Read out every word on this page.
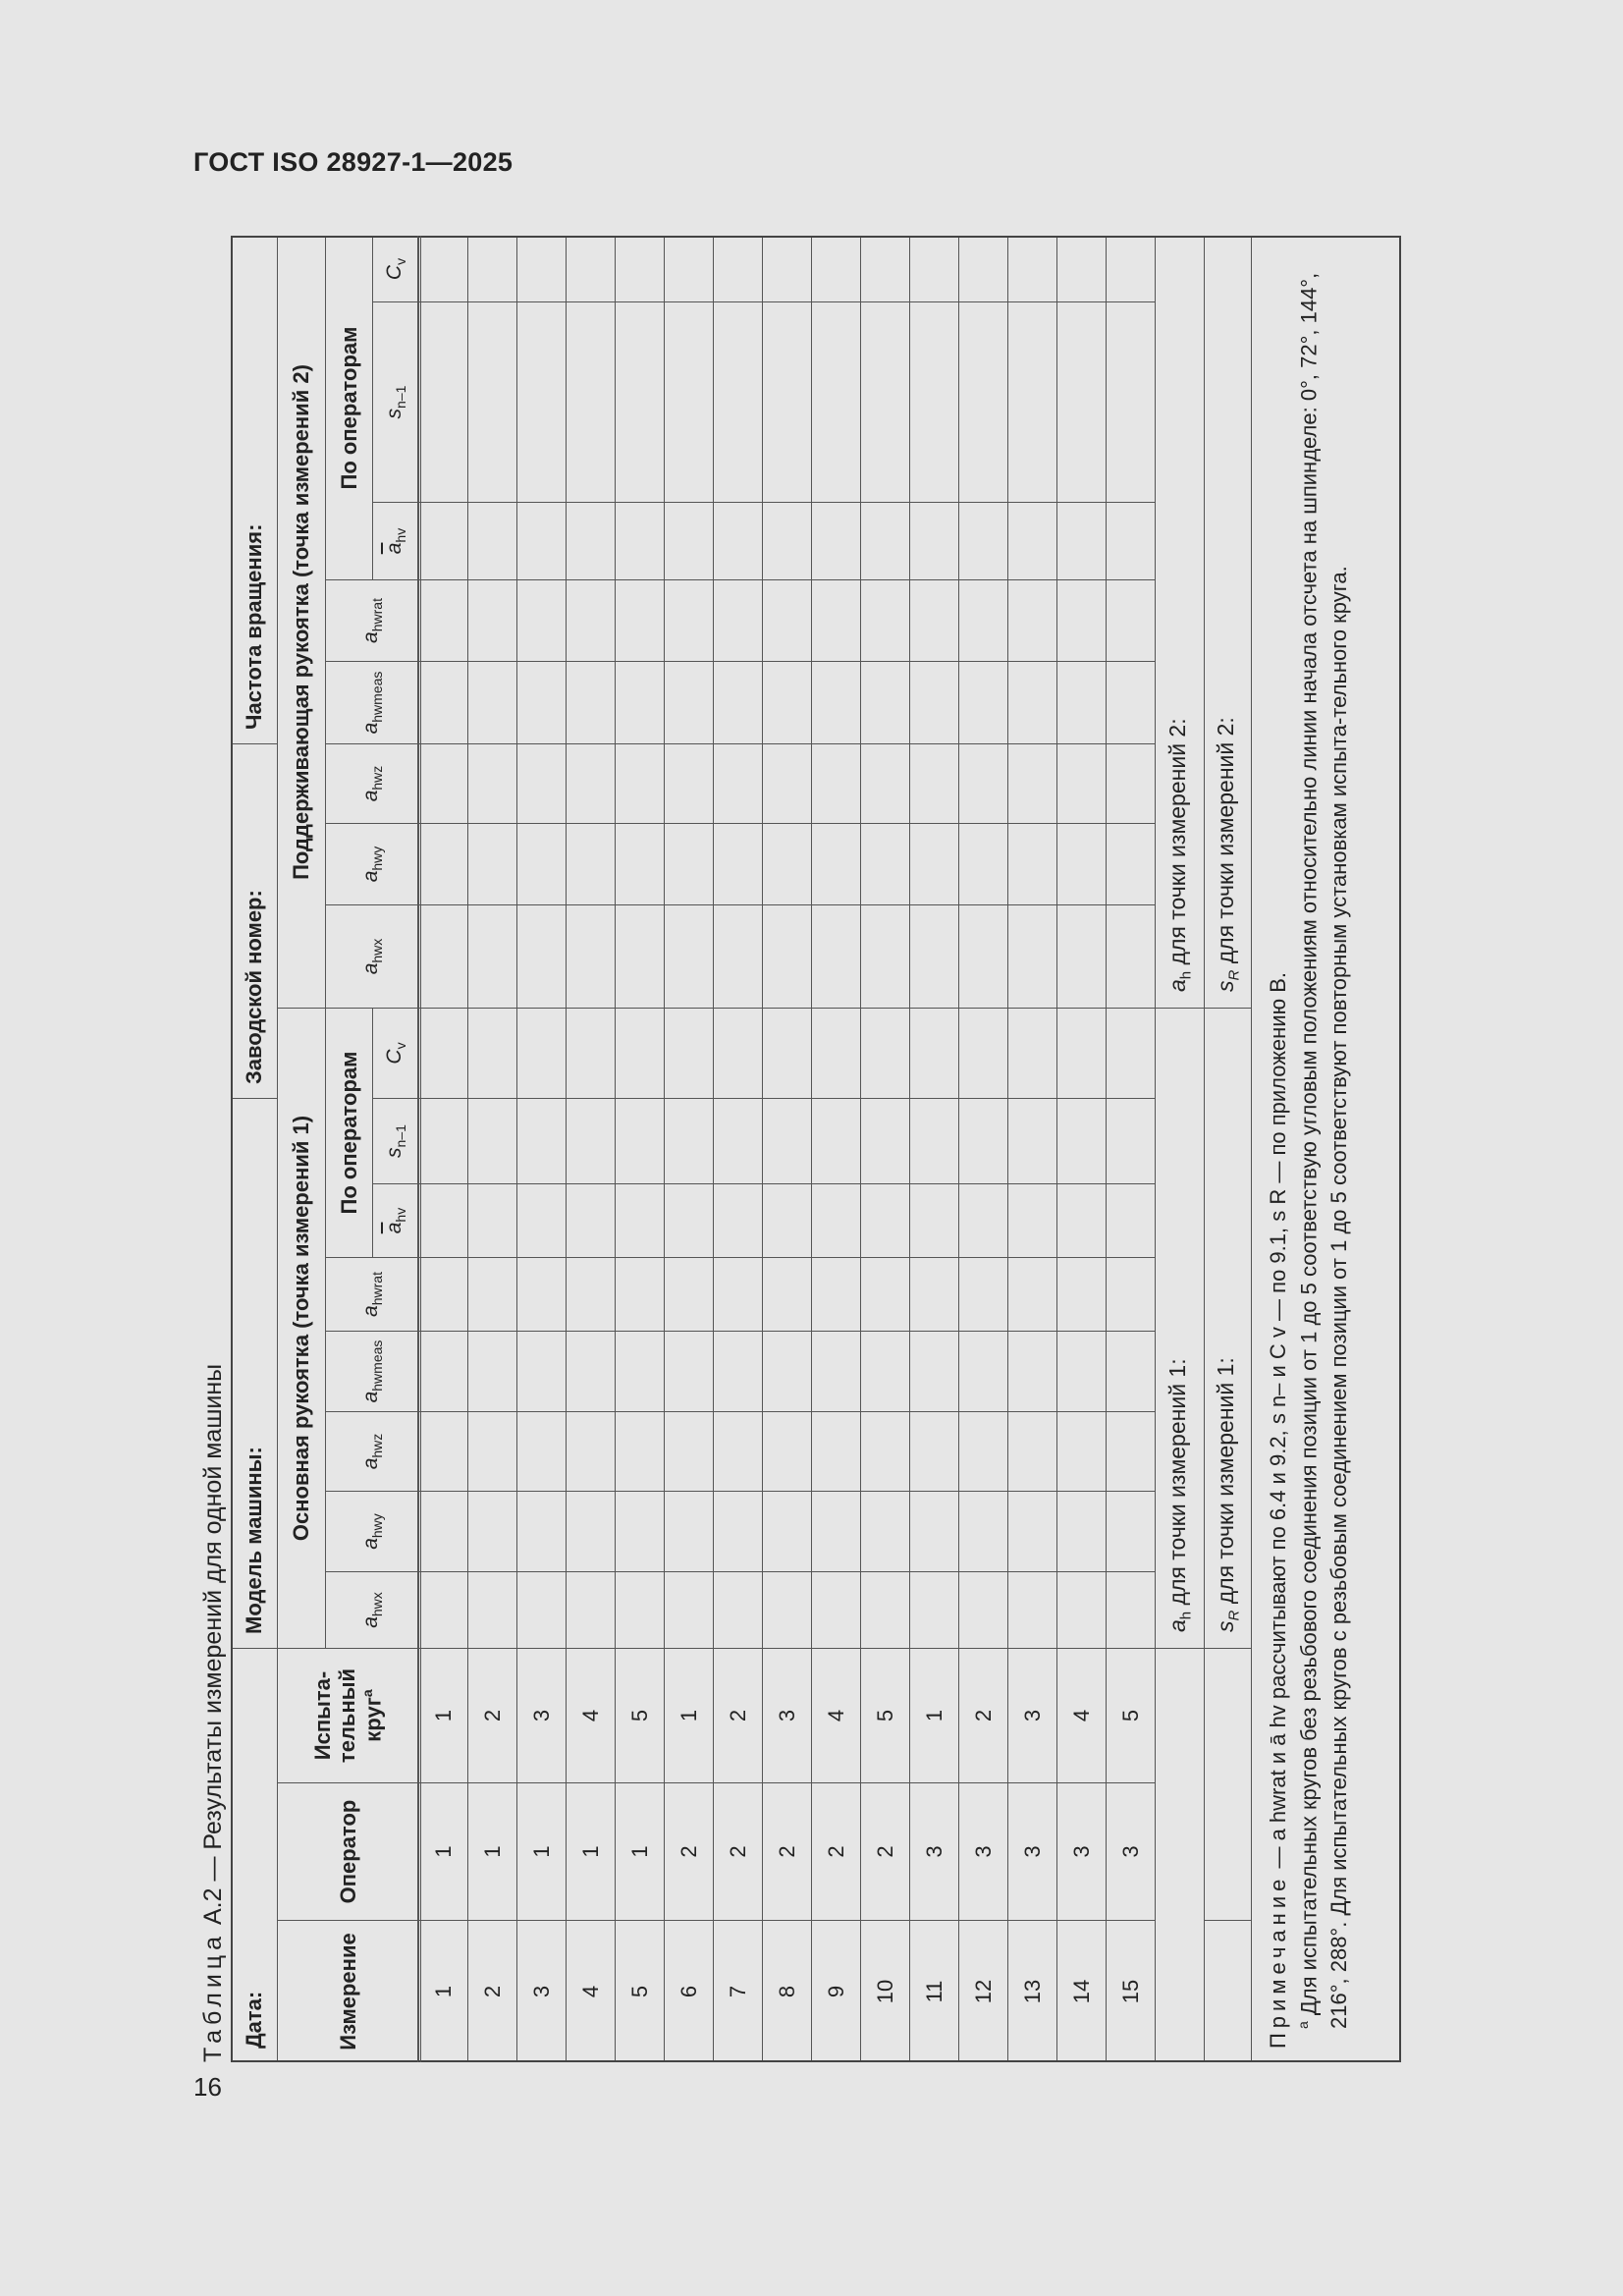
ГОСТ ISO 28927-1—2025
16
Таблица А.2 — Результаты измерений для одной машины
Дата:
Модель машины:
Заводской номер:
Частота вращения:
Измерение
Оператор
Испыта-
тельный
круг$^а$
Основная рукоятка (точка измерений 1)
Поддерживающая рукоятка (точка измерений 2)
$a_{hwx}$
$a_{hwy}$
$a_{hwz}$
$a_{hwmeas}$
$a_{hwrat}$
По операторам
$\overline{a}_{hv}$
$s_{n-1}$
$C_v$
$a_{hwx}$
$a_{hwy}$
$a_{hwz}$
$a_{hwmeas}$
$a_{hwrat}$
По операторам
$\overline{a}_{hv}$
$s_{n-1}$
$C_v$
1
1
1
2
1
2
3
1
3
4
1
4
5
1
5
6
2
1
7
2
2
8
2
3
9
2
4
10
2
5
11
3
1
12
3
2
13
3
3
14
3
4
15
3
5
$a_h$ для точки измерений 1:
$a_h$ для точки измерений 2:
$s_R$ для точки измерений 1:
$s_R$ для точки измерений 2:
Примечание — a hwrat и ā hv рассчитывают по 6.4 и 9.2, s n– и C v — по 9.1, s R — по приложению В.
$^а$ Для испытательных кругов без резьбового соединения позиции от 1 до 5 соответствую угловым положениям относительно линии начала отсчета на шпинделе: 0°, 72°, 144°, 216°, 288°. Для испытательных кругов с резьбовым соединением позиции от 1 до 5 соответствуют повторным установкам испыта-тельного круга.
